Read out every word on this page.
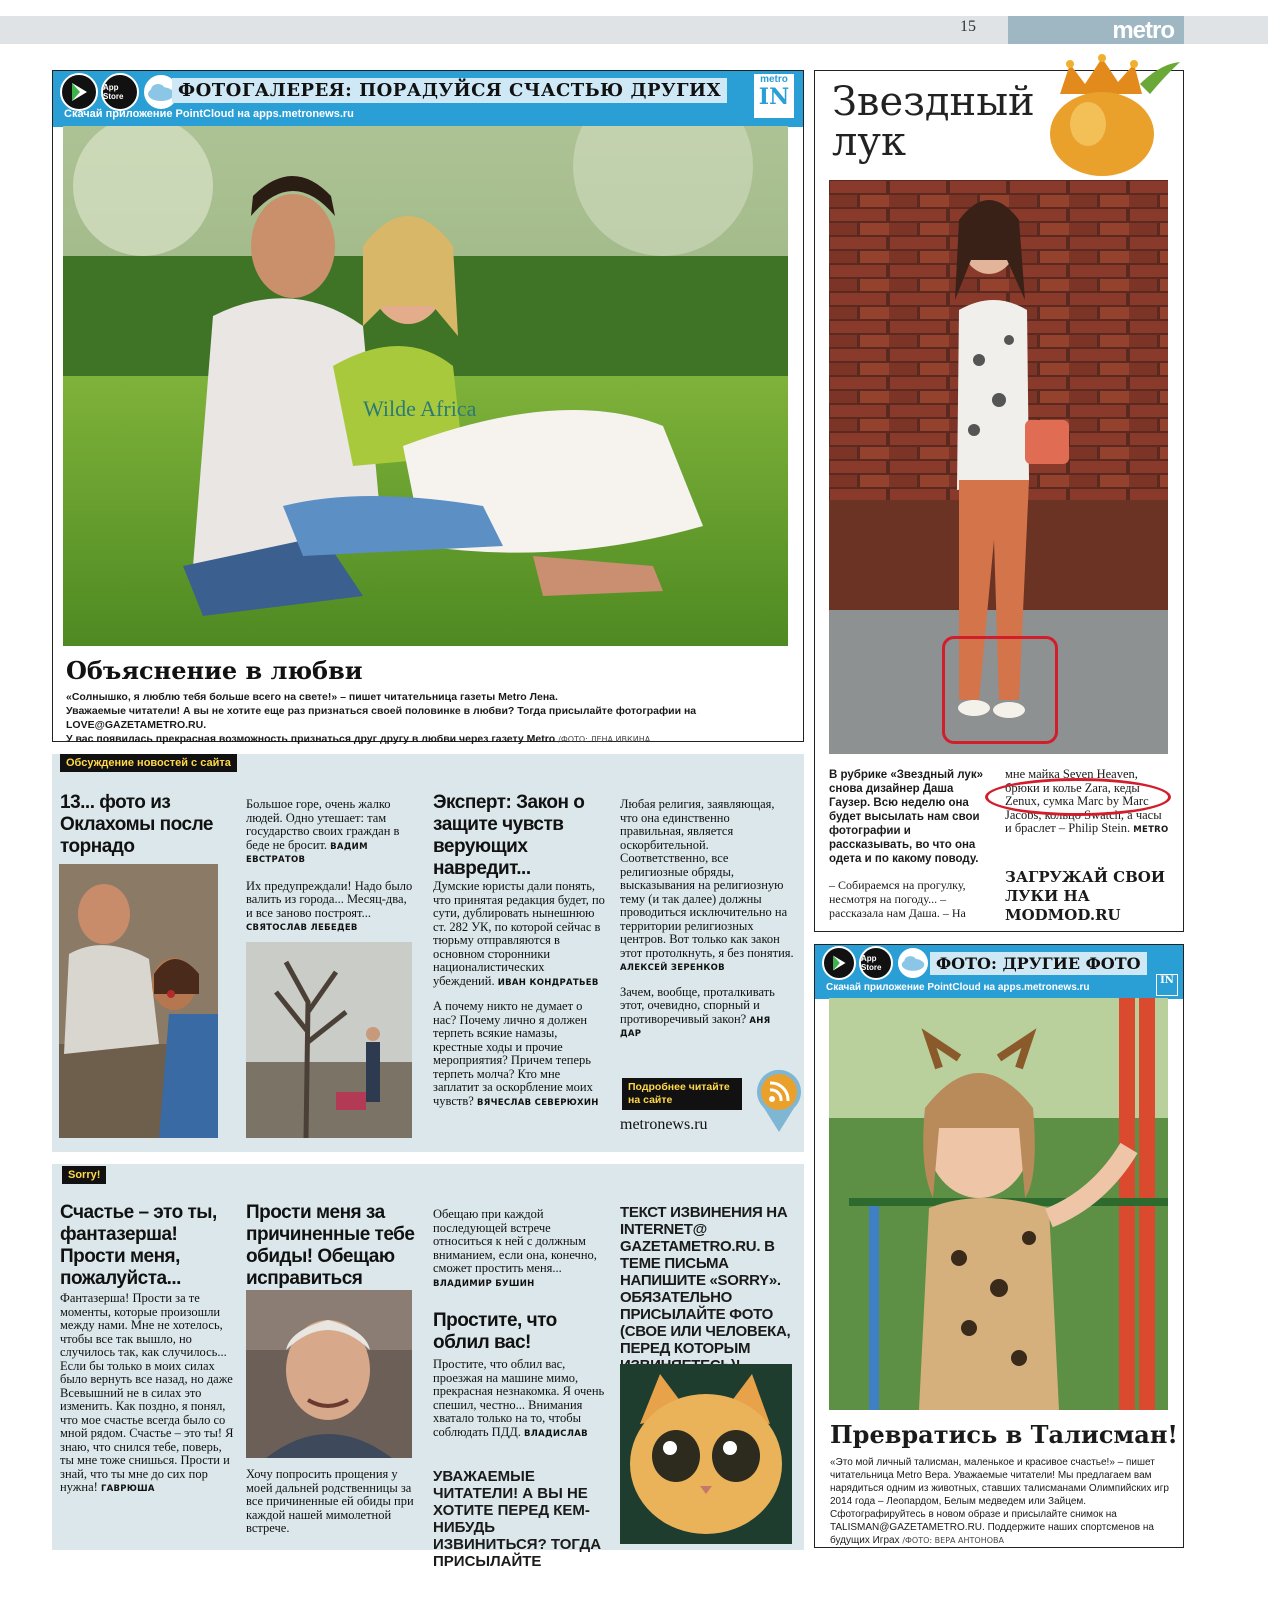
15	metro
App Store	ФОТОГАЛЕРЕЯ: ПОРАДУЙСЯ СЧАСТЬЮ ДРУГИХ
Скачай приложение PointCloud на apps.metronews.ru
metro
IN
Wilde Africa
Объяснение в любви
«Солнышко, я люблю тебя больше всего на свете!» – пишет читательница газеты Metro Лена.
Уважаемые читатели! А вы не хотите еще раз признаться своей половинке в любви? Тогда присылайте фотографии на LOVE@GAZETAMETRO.RU.
У вас появилась прекрасная возможность признаться друг другу в любви через газету Metro /ФОТО: ЛЕНА ИВКИНА
Звездный лук
В рубрике «Звездный лук» снова дизайнер Даша Гаузер. Всю неделю она будет высылать нам свои фотографии и рассказывать, во что она одета и по какому поводу.
– Собираемся на прогулку, несмотря на погоду... – рассказала нам Даша. – На
мне майка Seven Heaven, брюки и колье Zara, кеды Zenux, сумка Marc by Marc Jacobs, кольцо Swatch, а часы и браслет – Philip Stein. METRO
ЗАГРУЖАЙ СВОИ ЛУКИ НА MODMOD.RU
Обсуждение новостей с сайта
13... фото из Оклахомы после торнадо
Большое горе, очень жалко людей. Одно утешает: там государство своих граждан в беде не бросит. ВАДИМ ЕВСТРАТОВ
Их предупреждали! Надо было валить из города... Месяц-два, и все заново построят... СВЯТОСЛАВ ЛЕБЕДЕВ
Эксперт: Закон о защите чувств верующих навредит...
Думские юристы дали понять, что принятая редакция будет, по сути, дублировать нынешнюю ст. 282 УК, по которой сейчас в тюрьму отправляются в основном сторонники националистических убеждений. ИВАН КОНДРАТЬЕВ
А почему никто не думает о нас? Почему лично я должен терпеть всякие намазы, крестные ходы и прочие мероприятия? Причем теперь терпеть молча? Кто мне заплатит за оскорбление моих чувств? ВЯЧЕСЛАВ СЕВЕРЮХИН
Любая религия, заявляющая, что она единственно правильная, является оскорбительной. Соответственно, все религиозные обряды, высказывания на религиозную тему (и так далее) должны проводиться исключительно на территории религиозных центров. Вот только как закон этот протолкнуть, я без понятия. АЛЕКСЕЙ ЗЕРЕНКОВ
Зачем, вообще, проталкивать этот, очевидно, спорный и противоречивый закон? АНЯ ДАР
Подробнее читайте на сайте
metronews.ru
Sorry!
Счастье – это ты, фантазерша! Прости меня, пожалуйста...
Фантазерша! Прости за те моменты, которые произошли между нами. Мне не хотелось, чтобы все так вышло, но случилось так, как случилось... Если бы только в моих силах было вернуть все назад, но даже Всевышний не в силах это изменить. Как поздно, я понял, что мое счастье всегда было со мной рядом. Счастье – это ты! Я знаю, что снился тебе, поверь, ты мне тоже снишься. Прости и знай, что ты мне до сих пор нужна! ГАВРЮША
Прости меня за причиненные тебе обиды! Обещаю исправиться
Хочу попросить прощения у моей дальней родственницы за все причиненные ей обиды при каждой нашей мимолетной встрече.
Обещаю при каждой последующей встрече относиться к ней с должным вниманием, если она, конечно, сможет простить меня... ВЛАДИМИР БУШИН
Простите, что облил вас!
Простите, что облил вас, проезжая на машине мимо, прекрасная незнакомка. Я очень спешил, честно... Внимания хватало только на то, чтобы соблюдать ПДД. ВЛАДИСЛАВ
УВАЖАЕМЫЕ ЧИТАТЕЛИ! А ВЫ НЕ ХОТИТЕ ПЕРЕД КЕМ-НИБУДЬ ИЗВИНИТЬСЯ? ТОГДА ПРИСЫЛАЙТЕ
ТЕКСТ ИЗВИНЕНИЯ НА INTERNET@ GAZETAMETRO.RU. В ТЕМЕ ПИСЬМА НАПИШИТЕ «SORRY». ОБЯЗАТЕЛЬНО ПРИСЫЛАЙТЕ ФОТО (СВОЕ ИЛИ ЧЕЛОВЕКА, ПЕРЕД КОТОРЫМ
App Store	ФОТО: ДРУГИЕ ФОТО
Скачай приложение PointCloud на apps.metronews.ru
IN
Превратись в Талисман!
«Это мой личный талисман, маленькое и красивое счастье!» – пишет читательница Metro Вера. Уважаемые читатели! Мы предлагаем вам нарядиться одним из животных, ставших талисманами Олимпийских игр 2014 года – Леопардом, Белым медведем или Зайцем. Сфотографируйтесь в новом образе и присылайте снимок на TALISMAN@GAZETAMETRO.RU. Поддержите наших спортсменов на будущих Играх /ФОТО: ВЕРА АНТОНОВА
